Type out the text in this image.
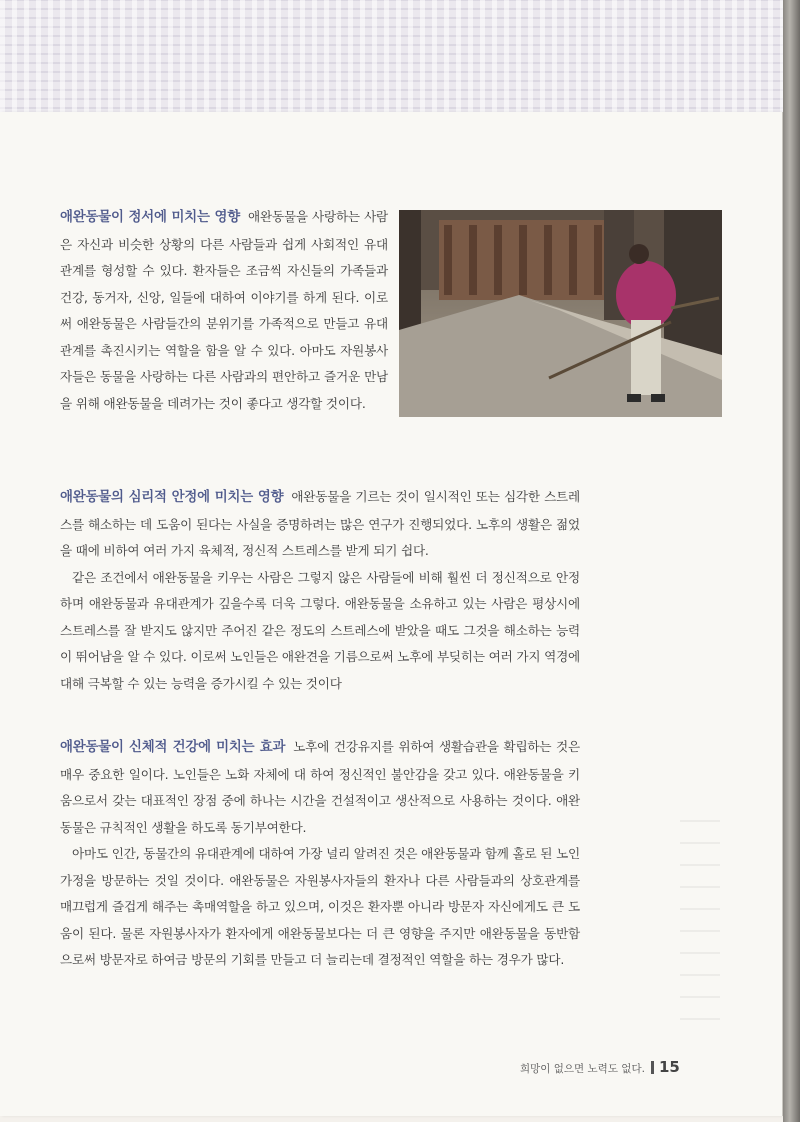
애완동물이 정서에 미치는 영향 애완동물을 사랑하는 사람은 자신과 비슷한 상황의 다른 사람들과 쉽게 사회적인 유대관계를 형성할 수 있다. 환자들은 조금씩 자신들의 가족들과 건강, 동거자, 신앙, 일들에 대하여 이야기를 하게 된다. 이로써 애완동물은 사람들간의 분위기를 가족적으로 만들고 유대관계를 촉진시키는 역할을 함을 알 수 있다. 아마도 자원봉사자들은 동물을 사랑하는 다른 사람과의 편안하고 즐거운 만남을 위해 애완동물을 데려가는 것이 좋다고 생각할 것이다.

애완동물의 심리적 안정에 미치는 영향 애완동물을 기르는 것이 일시적인 또는 심각한 스트레스를 해소하는 데 도움이 된다는 사실을 증명하려는 많은 연구가 진행되었다. 노후의 생활은 젊었을 때에 비하여 여러 가지 육체적, 정신적 스트레스를 받게 되기 쉽다.

같은 조건에서 애완동물을 키우는 사람은 그렇지 않은 사람들에 비해 훨씬 더 정신적으로 안정하며 애완동물과 유대관계가 깊을수록 더욱 그렇다. 애완동물을 소유하고 있는 사람은 평상시에 스트레스를 잘 받지도 않지만 주어진 같은 정도의 스트레스에 받았을 때도 그것을 해소하는 능력이 뛰어남을 알 수 있다. 이로써 노인들은 애완견을 기름으로써 노후에 부딪히는 여러 가지 역경에 대해 극복할 수 있는 능력을 증가시킬 수 있는 것이다

애완동물이 신체적 건강에 미치는 효과 노후에 건강유지를 위하여 생활습관을 확립하는 것은 매우 중요한 일이다. 노인들은 노화 자체에 대 하여 정신적인 불안감을 갖고 있다. 애완동물을 키움으로서 갖는 대표적인 장점 중에 하나는 시간을 건설적이고 생산적으로 사용하는 것이다. 애완동물은 규칙적인 생활을 하도록 동기부여한다.

아마도 인간, 동물간의 유대관계에 대하여 가장 널리 알려진 것은 애완동물과 함께 홀로 된 노인 가정을 방문하는 것일 것이다. 애완동물은 자원봉사자들의 환자나 다른 사람들과의 상호관계를 매끄럽게 즐겁게 해주는 촉매역할을 하고 있으며, 이것은 환자뿐 아니라 방문자 자신에게도 큰 도움이 된다. 물론 자원봉사자가 환자에게 애완동물보다는 더 큰 영향을 주지만 애완동물을 동반함으로써 방문자로 하여금 방문의 기회를 만들고 더 늘리는데 결정적인 역할을 하는 경우가 많다.

희망이 없으면 노력도 없다. 15
